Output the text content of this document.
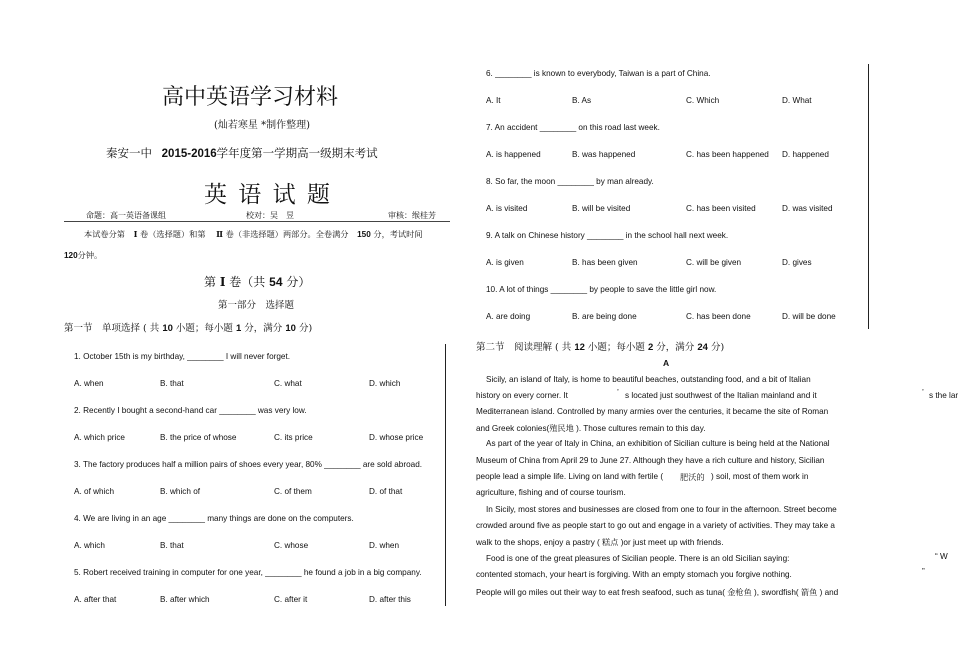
高中英语学习材料
(灿若寒星 *制作整理)
秦安一中 2015-2016学年度第一学期高一级期末考试
英 语 试 题
命题：高一英语备课组	校对：吴　昱	审核：缑桂芳
本试卷分第 Ⅰ 卷（选择题）和第 Ⅱ 卷（非选择题）两部分。全卷满分 150 分，考试时间
120分钟。
第 Ⅰ 卷（共 54 分）
第一部分　选择题
第一节　单项选择 ( 共 10 小题；每小题 1 分，满分 10 分)
1. October 15th is my birthday, ________ I will never forget.
A. when	B. that	C. what	D. which
2. Recently I bought a second-hand car ________ was very low.
A. which price	B. the price of whose	C. its price	D. whose price
3. The factory produces half a million pairs of shoes every year, 80% ________ are sold abroad.
A. of which	B. which of	C. of them	D. of that
4. We are living in an age ________ many things are done on the computers.
A. which	B. that	C. whose	D. when
5. Robert received training in computer for one year, ________ he found a job in a big company.
A. after that	B. after which	C. after it	D. after this
6. ________ is known to everybody, Taiwan is a part of China.
A. It	B. As	C. Which	D. What
7. An accident ________ on this road last week.
A. is happened	B. was happened	C. has been happened D. happened
8. So far, the moon ________ by man already.
A. is visited	B. will be visited	C. has been visited	D. was visited
9. A talk on Chinese history ________ in the school hall next week.
A. is given	B. has been given	C. will be given	D. gives
10. A lot of things ________ by people to save the little girl now.
A. are doing	B. are being done	C. has been done	D. will be done
第二节　阅读理解 ( 共 12 小题；每小题 2 分，满分 24 分)
A
Sicily, an island of Italy, is home to beautiful beaches, outstanding food, and a bit of Italian
history on every corner. It	’ s located just southwest of the Italian mainland and it	’ s the lar
Mediterranean island. Controlled by many armies over the centuries, it became the site of Roman
and Greek colonies(殖民地 ). Those cultures remain to this day.
As part of the year of Italy in China, an exhibition of Sicilian culture is being held at the National
Museum of China from April 29 to June 27. Although they have a rich culture and history, Sicilian
people lead a simple life. Living on land with fertile ( 肥沃的 ) soil, most of them work in
agriculture, fishing and of course tourism.
In Sicily, most stores and businesses are closed from one to four in the afternoon. Street become
crowded around five as people start to go out and engage in a variety of activities. They may take a
walk to the shops, enjoy a pastry ( 糕点 )or just meet up with friends.
Food is one of the great pleasures of Sicilian people. There is an old Sicilian saying:	“ W
contented stomach, your heart is forgiving. With an empty stomach you forgive nothing.	”
People will go miles out their way to eat fresh seafood, such as tuna( 金枪鱼 ), swordfish( 箭鱼 ) and
